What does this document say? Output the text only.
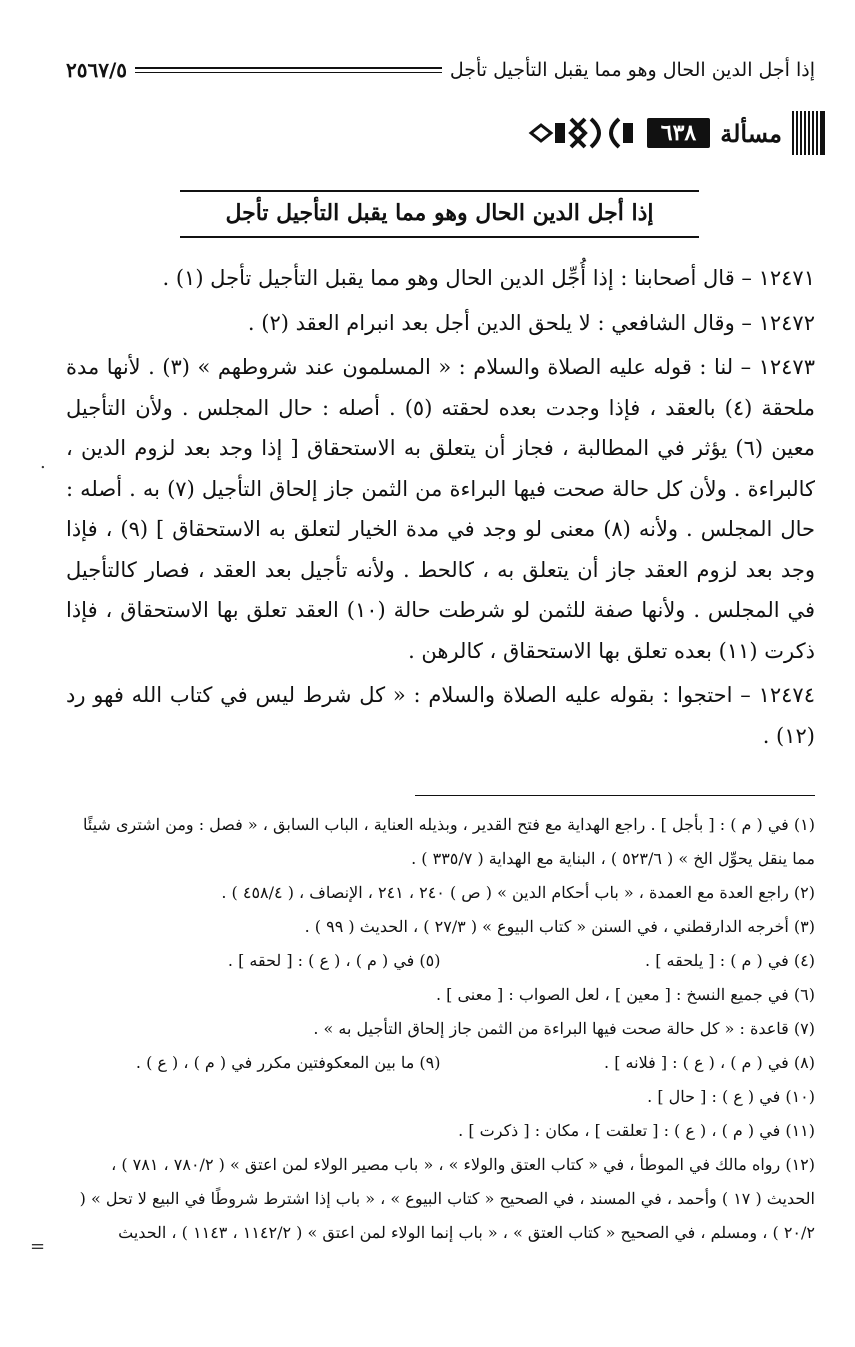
إذا أجل الدين الحال وهو مما يقبل التأجيل تأجل
٢٥٦٧/٥
مسألة
٦٣٨
إذا أجل الدين الحال وهو مما يقبل التأجيل تأجل

١٢٤٧١ – قال أصحابنا : إذا أُجِّل الدين الحال وهو مما يقبل التأجيل تأجل (١) .

١٢٤٧٢ – وقال الشافعي : لا يلحق الدين أجل بعد انبرام العقد (٢) .

١٢٤٧٣ – لنا : قوله عليه الصلاة والسلام : « المسلمون عند شروطهم » (٣) . لأنها مدة ملحقة (٤) بالعقد ، فإذا وجدت بعده لحقته (٥) . أصله : حال المجلس . ولأن التأجيل معين (٦) يؤثر في المطالبة ، فجاز أن يتعلق به الاستحقاق [ إذا وجد بعد لزوم الدين ، كالبراءة . ولأن كل حالة صحت فيها البراءة من الثمن جاز إلحاق التأجيل (٧) به . أصله : حال المجلس . ولأنه (٨) معنى لو وجد في مدة الخيار لتعلق به الاستحقاق ] (٩) ، فإذا وجد بعد لزوم العقد جاز أن يتعلق به ، كالحط . ولأنه تأجيل بعد العقد ، فصار كالتأجيل في المجلس . ولأنها صفة للثمن لو شرطت حالة (١٠) العقد تعلق بها الاستحقاق ، فإذا ذكرت (١١) بعده تعلق بها الاستحقاق ، كالرهن .

١٢٤٧٤ – احتجوا : بقوله عليه الصلاة والسلام : « كل شرط ليس في كتاب الله فهو رد (١٢) .

(١) في ( م ) : [ بأجل ] . راجع الهداية مع فتح القدير ، وبذيله العناية ، الباب السابق ، « فصل : ومن اشترى شيئًا مما ينقل يحوِّل الخ » ( ٥٢٣/٦ ) ، البناية مع الهداية ( ٣٣٥/٧ ) .

(٢) راجع العدة مع العمدة ، « باب أحكام الدين » ( ص ) ٢٤٠ ، ٢٤١ ، الإنصاف ، ( ٤٥٨/٤ ) .

(٣) أخرجه الدارقطني ، في السنن « كتاب البيوع » ( ٢٧/٣ ) ، الحديث ( ٩٩ ) .

(٤) في ( م ) : [ يلحقه ] .

(٥) في ( م ) ، ( ع ) : [ لحقه ] .

(٦) في جميع النسخ : [ معين ] ، لعل الصواب : [ معنى ] .

(٧) قاعدة : « كل حالة صحت فيها البراءة من الثمن جاز إلحاق التأجيل به » .

(٨) في ( م ) ، ( ع ) : [ فلانه ] .

(٩) ما بين المعكوفتين مكرر في ( م ) ، ( ع ) .

(١٠) في ( ع ) : [ حال ] .

(١١) في ( م ) ، ( ع ) : [ تعلقت ] ، مكان : [ ذكرت ] .

(١٢) رواه مالك في الموطأ ، في « كتاب العتق والولاء » ، « باب مصير الولاء لمن اعتق » ( ٧٨٠/٢ ، ٧٨١ ) ، الحديث ( ١٧ ) وأحمد ، في المسند ، في الصحيح « كتاب البيوع » ، « باب إذا اشترط شروطًا في البيع لا تحل » ( ٢٠/٢ ) ، ومسلم ، في الصحيح « كتاب العتق » ، « باب إنما الولاء لمن اعتق » ( ١١٤٢/٢ ، ١١٤٣ ) ، الحديث

.
=
